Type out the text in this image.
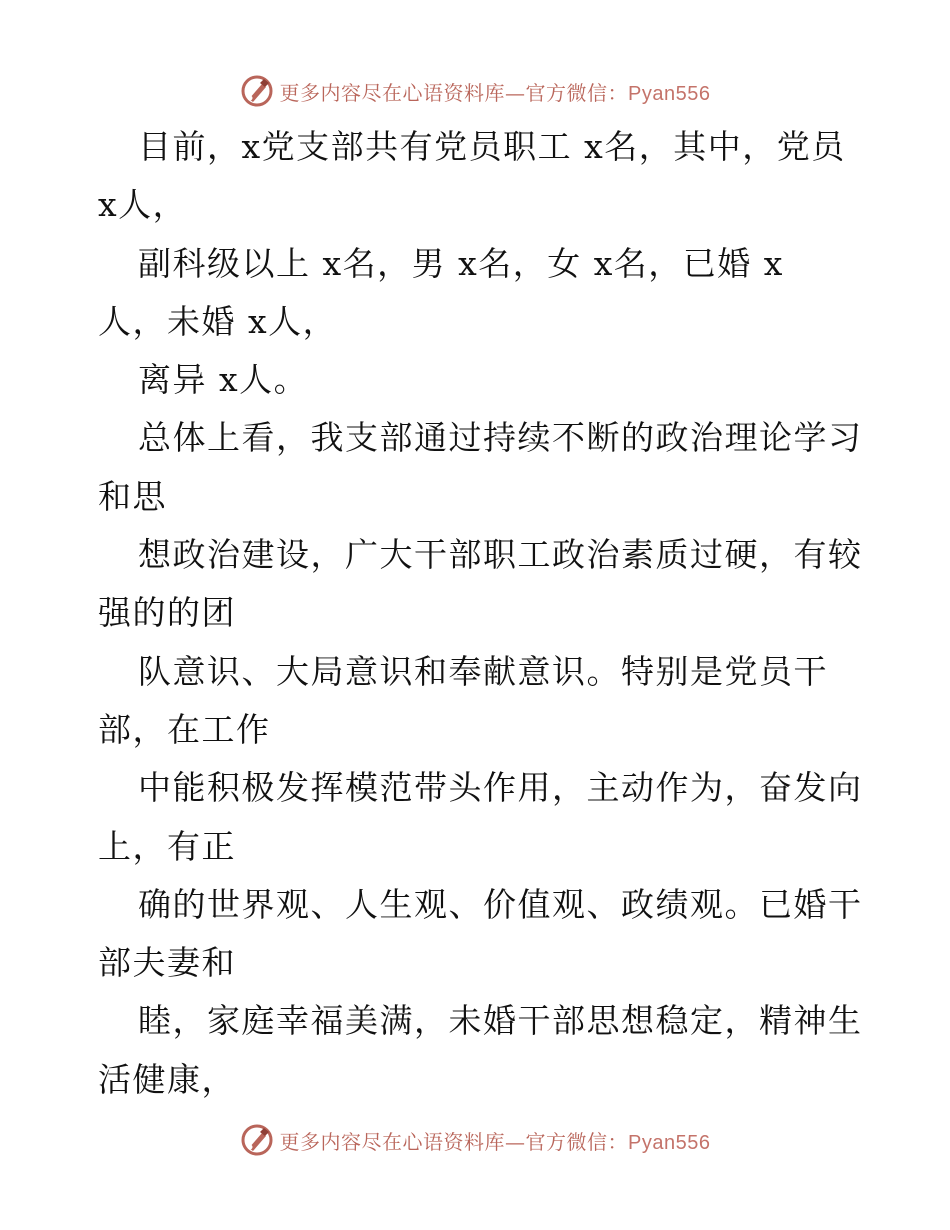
更多内容尽在心语资料库—官方微信：Pyan556
目前，x党支部共有党员职工 x名，其中，党员
x人，
副科级以上 x名，男 x名，女 x名，已婚 x
人，未婚 x人，
离异 x人。
总体上看，我支部通过持续不断的政治理论学习
和思
想政治建设，广大干部职工政治素质过硬，有较
强的的团
队意识、大局意识和奉献意识。特别是党员干
部，在工作
中能积极发挥模范带头作用，主动作为，奋发向
上，有正
确的世界观、人生观、价值观、政绩观。已婚干
部夫妻和
睦，家庭幸福美满，未婚干部思想稳定，精神生
活健康，
更多内容尽在心语资料库—官方微信：Pyan556
